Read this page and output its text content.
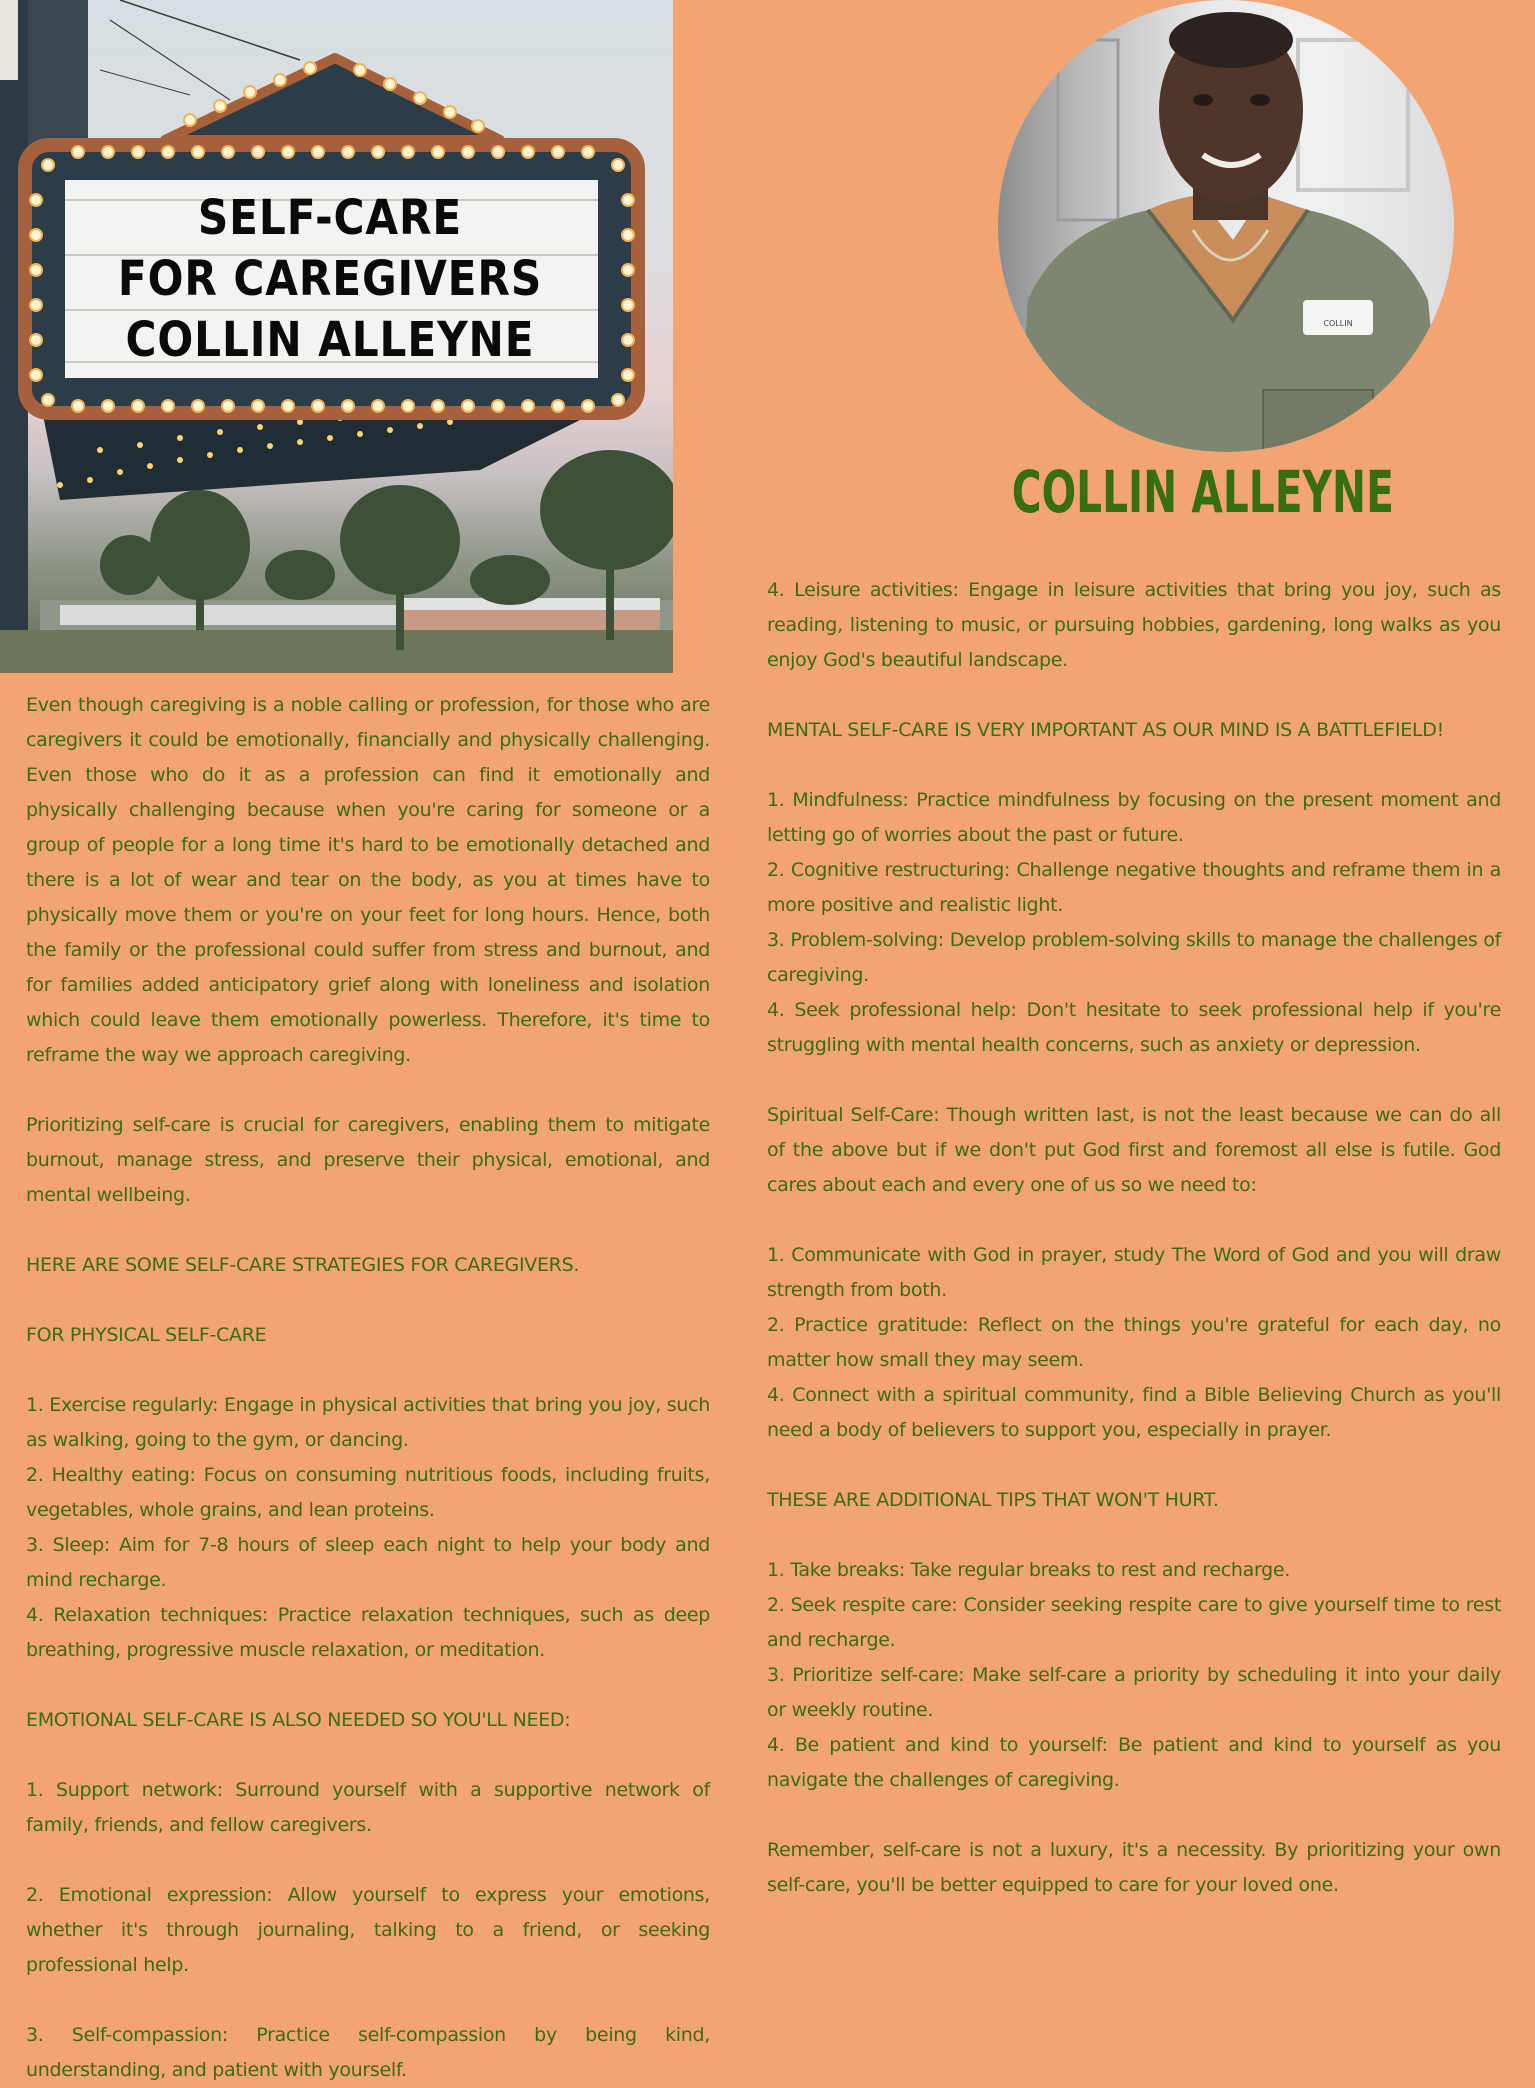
SELF-CARE
FOR CAREGIVERS
COLLIN ALLEYNE	COLLIN
COLLIN ALLEYNE

Even though caregiving is a noble calling or profession, for those who are caregivers it could be emotionally, financially and physically challenging. Even those who do it as a profession can find it emotionally and physically challenging because when you're caring for someone or a group of people for a long time it's hard to be emotionally detached and there is a lot of wear and tear on the body, as you at times have to physically move them or you're on your feet for long hours. Hence, both the family or the professional could suffer from stress and burnout, and for families added anticipatory grief along with loneliness and isolation which could leave them emotionally powerless. Therefore, it's time to reframe the way we approach caregiving.

Prioritizing self-care is crucial for caregivers, enabling them to mitigate burnout, manage stress, and preserve their physical, emotional, and mental wellbeing.

HERE ARE SOME SELF-CARE STRATEGIES FOR CAREGIVERS.

FOR PHYSICAL SELF-CARE

1. Exercise regularly: Engage in physical activities that bring you joy, such as walking, going to the gym, or dancing.

2. Healthy eating: Focus on consuming nutritious foods, including fruits, vegetables, whole grains, and lean proteins.

3. Sleep: Aim for 7-8 hours of sleep each night to help your body and mind recharge.

4. Relaxation techniques: Practice relaxation techniques, such as deep breathing, progressive muscle relaxation, or meditation.

EMOTIONAL SELF-CARE IS ALSO NEEDED SO YOU'LL NEED:

1. Support network: Surround yourself with a supportive network of family, friends, and fellow caregivers.

2. Emotional expression: Allow yourself to express your emotions, whether it's through journaling, talking to a friend, or seeking professional help.

3. Self-compassion: Practice self-compassion by being kind, understanding, and patient with yourself.

4. Leisure activities: Engage in leisure activities that bring you joy, such as reading, listening to music, or pursuing hobbies, gardening, long walks as you enjoy God's beautiful landscape.

MENTAL SELF-CARE IS VERY IMPORTANT AS OUR MIND IS A BATTLEFIELD!

1. Mindfulness: Practice mindfulness by focusing on the present moment and letting go of worries about the past or future.

2. Cognitive restructuring: Challenge negative thoughts and reframe them in a more positive and realistic light.

3. Problem-solving: Develop problem-solving skills to manage the challenges of caregiving.

4. Seek professional help: Don't hesitate to seek professional help if you're struggling with mental health concerns, such as anxiety or depression.

Spiritual Self-Care: Though written last, is not the least because we can do all of the above but if we don't put God first and foremost all else is futile. God cares about each and every one of us so we need to:

1. Communicate with God in prayer, study The Word of God and you will draw strength from both.

2. Practice gratitude: Reflect on the things you're grateful for each day, no matter how small they may seem.

4. Connect with a spiritual community, find a Bible Believing Church as you'll need a body of believers to support you, especially in prayer.

THESE ARE ADDITIONAL TIPS THAT WON'T HURT.

1. Take breaks: Take regular breaks to rest and recharge.

2. Seek respite care: Consider seeking respite care to give yourself time to rest and recharge.

3. Prioritize self-care: Make self-care a priority by scheduling it into your daily or weekly routine.

4. Be patient and kind to yourself: Be patient and kind to yourself as you navigate the challenges of caregiving.

Remember, self-care is not a luxury, it's a necessity. By prioritizing your own self-care, you'll be better equipped to care for your loved one.
